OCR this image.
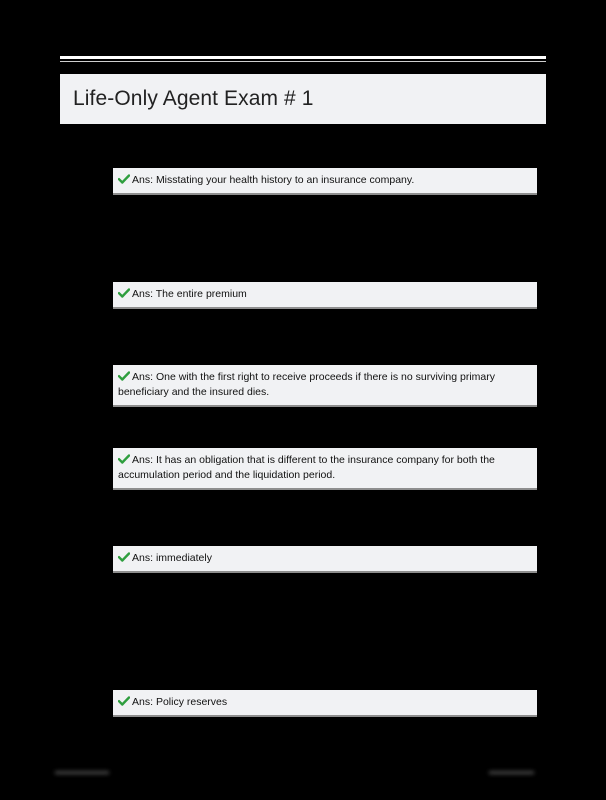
Life-Only Agent Exam # 1
Ans: Misstating your health history to an insurance company.
Ans: The entire premium
Ans: One with the first right to receive proceeds if there is no surviving primary beneficiary and the insured dies.
Ans: It has an obligation that is different to the insurance company for both the accumulation period and the liquidation period.
Ans: immediately
Ans: Policy reserves
▬▬▬▬▬▬	▬▬▬▬▬
